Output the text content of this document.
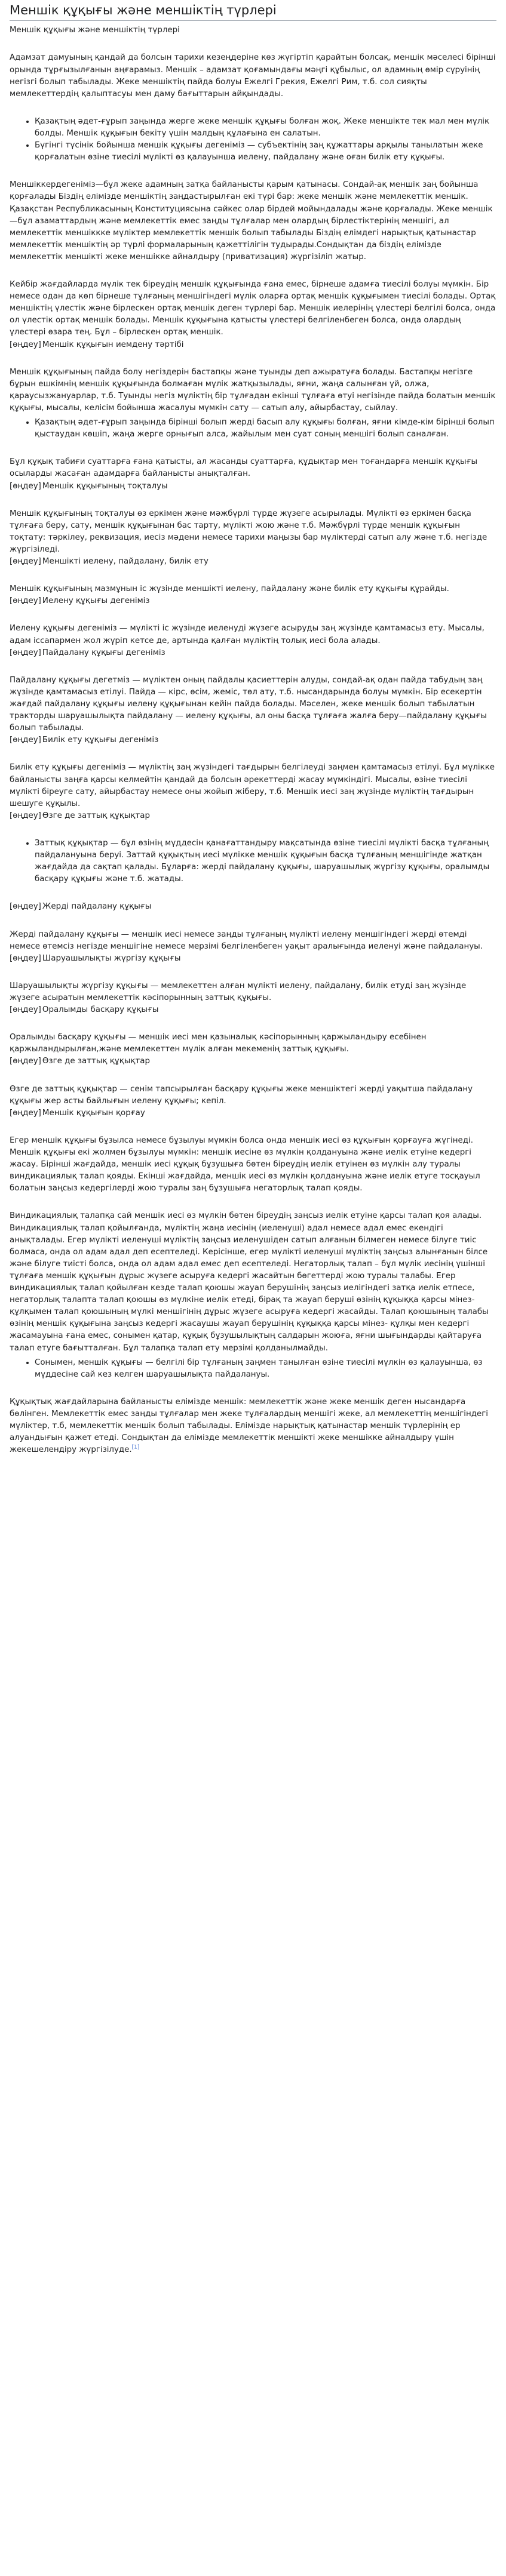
Меншік құқығы және меншіктің түрлері
Меншік құқығы және меншіктің түрлері

Адамзат дамуының қандай да болсын тарихи кезеңдеріне көз жүгіртіп қарайтын болсақ, меншік мәселесі бірінші орында тұрғызылғанын аңғарамыз. Меншік – адамзат қоғамындағы мәңгі құбылыс, ол адамның өмір сүруінің негізгі болып табылады. Жеке меншіктің пайда болуы Ежелгі Грекия, Ежелгі Рим, т.б. сол сияқты мемлекеттердің қалыптасуы мен даму бағыттарын айқындады.

• Қазақтың әдет-ғұрып заңында жерге жеке меншік құқығы болған жоқ. Жеке меншікте тек мал мен мүлік болды. Меншік құқығын бекіту үшін малдың құлағына ен салатын.
• Бүгінгі түсінік бойынша меншік құқығы дегеніміз — субъектінің заң құжаттары арқылы танылатын жеке қорғалатын өзіне тиесілі мүлікті өз қалауынша иелену, пайдалану және оған билік ету құқығы.

Меншіккердегеніміз—бұл жеке адамның затқа байланысты қарым қатынасы. Сондай-ақ меншік заң бойынша қорғалады Біздің елімізде меншіктің заңдастырылған екі түрі бар: жеке меншік және мемлекеттік меншік. Қазақстан Республикасының Конституциясына сәйкес олар бірдей мойындалады және қорғалады. Жеке меншік—бұл азаматтардың және мемлекеттік емес заңды тұлғалар мен олардың бірлестіктерінің меншігі, ал мемлекеттік меншіккке мүліктер мемлекеттік меншік болып табылады Біздің елімдегі нарықтық қатынастар мемлекеттік меншіктің әр түрлі формаларының қажеттілігін тудырады.Сондықтан да біздің елімізде мемлекеттік меншікті жеке меншікке айналдыру (приватизация) жүргізіліп жатыр.

Кейбір жағдайларда мүлік тек біреудің меншік құқығында ғана емес, бірнеше адамға тиесілі болуы мүмкін. Бір немесе одан да көп бірнеше тұлғаның меншігіндегі мүлік оларға ортақ меншік құқығымен тиесілі болады. Ортақ меншіктің үлестік және бірлескен ортақ меншік деген түрлері бар. Меншік иелерінің үлестері белгілі болса, онда ол үлестік ортақ меншік болады. Меншік құқығына қатысты үлестері белгіленбеген болса, онда олардың үлестері өзара тең. Бұл – бірлескен ортақ меншік.

[өңдеу] Меншік құқығын иемдену тәртібі

Меншік құқығының пайда болу негіздерін бастапқы және туынды деп ажыратуға болады. Бастапқы негізге бұрын ешкімнің меншік құқығында болмаған мүлік жатқызылады, яғни, жаңа салынған үй, олжа, қараусызжануарлар, т.б. Туынды негіз мүліктің бір тұлғадан екінші тұлғаға өтуі негізінде пайда болатын меншік құқығы, мысалы, келісім бойынша жасалуы мүмкін сату — сатып алу, айырбастау, сыйлау.

• Қазақтың әдет-ғұрып заңында бірінші болып жерді басып алу құқығы болған, яғни кімде-кім бірінші болып қыстаудан көшіп, жаңа жерге орнығып алса, жайылым мен суат соның меншігі болып саналған.

Бұл құқық табиғи суаттарға ғана қатысты, ал жасанды суаттарға, құдықтар мен тоғандарға меншік құқығы осыларды жасаған адамдарға байланысты анықталған.

[өңдеу] Меншік құқығының тоқталуы

Меншік құқығының тоқталуы өз еркімен және мәжбүрлі түрде жүзеге асырылады. Мүлікті өз еркімен басқа тұлғаға беру, сату, меншік құқығынан бас тарту, мүлікті жою және т.б. Мәжбүрлі түрде меншік құқығын тоқтату: тәркілеу, реквизация, иесіз мәдени немесе тарихи маңызы бар мүліктерді сатып алу және т.б. негізде жүргізіледі.

[өңдеу] Меншікті иелену, пайдалану, билік ету

Меншік құқығының мазмұнын іс жүзінде меншікті иелену, пайдалану және билік ету құқығы құрайды.

[өңдеу] Иелену құқығы дегеніміз

Иелену құқығы дегеніміз — мүлікті іс жүзінде иеленуді жүзеге асыруды заң жүзінде қамтамасыз ету. Мысалы, адам іссапармен жол жүріп кетсе де, артында қалған мүліктің толық иесі бола алады.

[өңдеу] Пайдалану құқығы дегеніміз

Пайдалану құқығы дегетміз — мүліктен оның пайдалы қасиеттерін алуды, сондай-ақ одан пайда табудың заң жүзінде қамтамасыз етілуі. Пайда — кірс, өсім, жеміс, төл ату, т.б. нысандарында болуы мүмкін. Бір есекертін жағдай пайдалану құқығы иелену құқығынан кейін пайда болады. Мәселен, жеке меншік болып табылатын тракторды шаруашылықта пайдалану — иелену құқығы, ал оны басқа тұлғаға жалға беру—пайдалану құқығы болып табылады.

[өңдеу] Билік ету құқығы дегеніміз

Билік ету құқығы дегеніміз — мүліктің заң жүзіндегі тағдырын белгілеуді заңмен қамтамасыз етілуі. Бұл мүлікке байланысты заңға қарсы келмейтін қандай да болсын әрекеттерді жасау мүмкіндігі. Мысалы, өзіне тиесілі мүлікті біреуге сату, айырбастау немесе оны жойып жіберу, т.б. Меншік иесі заң жүзінде мүліктің тағдырын шешуге құқылы.

[өңдеу] Өзге де заттық құқықтар
• Заттық құқықтар — бұл өзінің мүддесін қанағаттандыру мақсатында өзіне тиесілі мүлікті басқа тұлғаның пайдалануына беруі. Заттай құқықтың иесі мүлікке меншік құқығын басқа тұлғаның меншігінде жатқан жағдайда да сақтап қалады. Бұларға: жерді пайдалану құқығы, шаруашылық жүргізу құқығы, оралымды басқару құқығы және т.б. жатады.
[өңдеу] Жерді пайдалану құқығы

Жерді пайдалану құқығы — меншік иесі немесе заңды тұлғаның мүлікті иелену меншігіндегі жерді өтемді немесе өтемсіз негізде меншігіне немесе мерзімі белгіленбеген уақыт аралығында иеленуі және пайдалануы.

[өңдеу] Шаруашылықты жүргізу құқығы

Шаруашылықты жүргізу құқығы — мемлекеттен алған мүлікті иелену, пайдалану, билік етуді заң жүзінде жүзеге асыратын мемлекеттік кәсіпорынның заттық құқығы.

[өңдеу] Оралымды басқару құқығы

Оралымды басқару құқығы — меншік иесі мен қазыналық кәсіпорынның қаржыландыру есебінен қаржыландырылған,және мемлекеттен мүлік алған мекеменің заттық құқығы.

[өңдеу] Өзге де заттық құқықтар

Өзге де заттық құқықтар — сенім тапсырылған басқару құқығы жеке меншіктегі жерді уақытша пайдалану құқығы жер асты байлығын иелену құқығы; кепіл.

[өңдеу] Меншік құқығын қорғау

Егер меншік құқығы бұзылса немесе бұзылуы мүмкін болса онда меншік иесі өз құқығын қорғауға жүгінеді. Меншік құқығы екі жолмен бұзылуы мүмкін: меншік иесіне өз мүлкін қолдануына және иелік етуіне кедергі жасау. Бірінші жағдайда, меншік иесі құқық бұзушыға бөтен біреудің иелік етуінен өз мүлкін алу туралы виндикациялық талап қояды. Екінші жағдайда, меншік иесі өз мүлкін қолдануына және иелік етуге тосқауыл болатын заңсыз кедергілерді жою туралы заң бұзушыға негаторлық талап қояды.

Виндикациялық талапқа сай меншік иесі өз мүлкін бөтен біреудің заңсыз иелік етуіне қарсы талап қоя алады. Виндикациялық талап қойылғанда, мүліктің жаңа иесінің (иеленуші) адал немесе адал емес екендігі анықталады. Егер мүлікті иеленуші мүліктің заңсыз иеленушіден сатып алғанын білмеген немесе білуге тиіс болмаса, онда ол адам адал деп есептеледі. Керісінше, егер мүлікті иеленуші мүліктің заңсыз алынғанын білсе және білуге тиісті болса, онда ол адам адал емес деп есептеледі. Негаторлық талап – бұл мүлік иесінің үшінші тұлғаға меншік құқығын дұрыс жүзеге асыруға кедергі жасайтын бөгеттерді жою туралы талабы. Егер виндикациялық талап қойылған кезде талап қоюшы жауап берушінің заңсыз иелігіндегі затқа иелік етпесе, негаторлық талапта талап қоюшы өз мүлкіне иелік етеді, бірақ та жауап беруші өзінің құқыққа қарсы мінез-құлқымен талап қоюшының мүлкі меншігінің дұрыс жүзеге асыруға кедергі жасайды. Талап қоюшының талабы өзінің меншік құқығына заңсыз кедергі жасаушы жауап берушінің құқыққа қарсы мінез- құлқы мен кедергі жасамауына ғана емес, сонымен қатар, құқық бұзушылықтың салдарын жоюға, яғни шығындарды қайтаруға талап етуге бағытталған. Бұл талапқа талап ету мерзімі қолданылмайды.

• Сонымен, меншік құқығы — белгілі бір тұлғаның заңмен танылған өзіне тиесілі мүлкін өз қалауынша, өз мүддесіне сай кез келген шаруашылықта пайдалануы.

Құқықтық жағдайларына байланысты елімізде меншік: мемлекеттік және жеке меншік деген нысандарға бөлінген. Мемлекеттік емес заңды тұлғалар мен жеке тұлғалардың меншігі жеке, ал мемлекеттің меншігіндегі мүліктер, т.б, мемлекеттік меншік болып табылады. Елімізде нарықтық қатынастар меншік түрлерінің ер алуандығын қажет етеді. Сондықтан да елімізде мемлекеттік меншікті жеке меншікке айналдыру үшін жекешелендіру жүргізілуде.[1]
